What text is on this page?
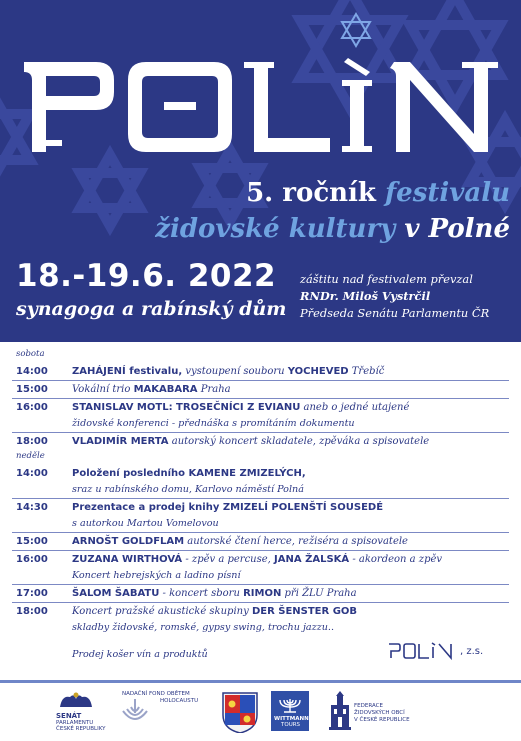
5. ročník festivalu
židovské kultury v Polné
18.-19.6. 2022
synagoga a rabínský dům
záštitu nad festivalem převzal
RNDr. Miloš Vystrčil
Předseda Senátu Parlamentu ČR
sobota
14:00 ZAHÁJENÍ festivalu, vystoupení souboru YOCHEVED Třebíč
15:00 Vokální trio MAKABARA Praha
16:00 STANISLAV MOTL: TROSEČNÍCI Z EVIANU aneb o jedné utajené
židovské konferenci - přednáška s promítáním dokumentu
18:00 VLADIMÍR MERTA autorský koncert skladatele, zpěváka a spisovatele
neděle
14:00 Položení posledního KAMENE ZMIZELÝCH,
sraz u rabínského domu, Karlovo náměstí Polná
14:30 Prezentace a prodej knihy ZMIZELÍ POLENŠTÍ SOUSEDÉ
s autorkou Martou Vomelovou
15:00 ARNOŠT GOLDFLAM autorské čtení herce, režiséra a spisovatele
16:00 ZUZANA WIRTHOVÁ - zpěv a percuse, JANA ŽALSKÁ - akordeon a zpěv
Koncert hebrejských a ladino písní
17:00 ŠALOM ŠABATU - koncert sboru RIMON při ŽLU Praha
18:00 Koncert pražské akustické skupiny DER ŠENSTER GOB
skladby židovské, romské, gypsy swing, trochu jazzu..
Prodej košer vín a produktů	, z.s.
SENÁT
PARLAMENTU
ČESKÉ REPUBLIKY
NADAČNÍ FOND OBĚTEM
HOLOCAUSTU
WITTMANN
TOURS
FEDERACE
ŽIDOVSKÝCH OBCÍ
V ČESKÉ REPUBLICE
